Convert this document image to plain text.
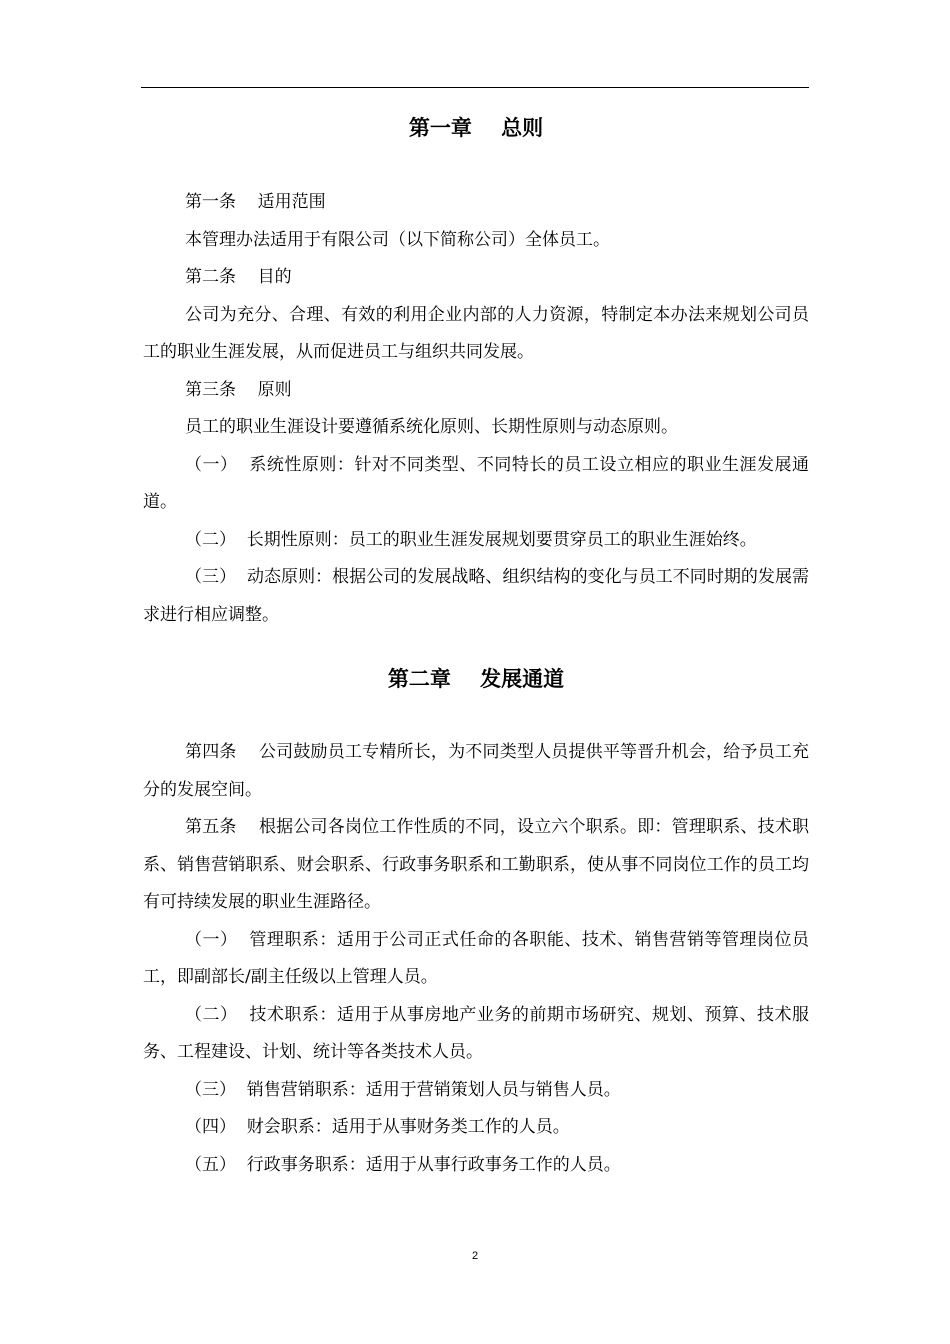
第一章    总则

第一条    适用范围

本管理办法适用于有限公司（以下简称公司）全体员工。

第二条    目的

公司为充分、合理、有效的利用企业内部的人力资源，特制定本办法来规划公司员工的职业生涯发展，从而促进员工与组织共同发展。

第三条    原则

员工的职业生涯设计要遵循系统化原则、长期性原则与动态原则。

（一）  系统性原则：针对不同类型、不同特长的员工设立相应的职业生涯发展通道。

（二）  长期性原则：员工的职业生涯发展规划要贯穿员工的职业生涯始终。

（三）  动态原则：根据公司的发展战略、组织结构的变化与员工不同时期的发展需求进行相应调整。

第二章    发展通道

第四条    公司鼓励员工专精所长，为不同类型人员提供平等晋升机会，给予员工充分的发展空间。

第五条    根据公司各岗位工作性质的不同，设立六个职系。即：管理职系、技术职系、销售营销职系、财会职系、行政事务职系和工勤职系，使从事不同岗位工作的员工均有可持续发展的职业生涯路径。

（一）  管理职系：适用于公司正式任命的各职能、技术、销售营销等管理岗位员工，即副部长/副主任级以上管理人员。

（二）  技术职系：适用于从事房地产业务的前期市场研究、规划、预算、技术服务、工程建设、计划、统计等各类技术人员。

（三）  销售营销职系：适用于营销策划人员与销售人员。

（四）  财会职系：适用于从事财务类工作的人员。

（五）  行政事务职系：适用于从事行政事务工作的人员。

2
